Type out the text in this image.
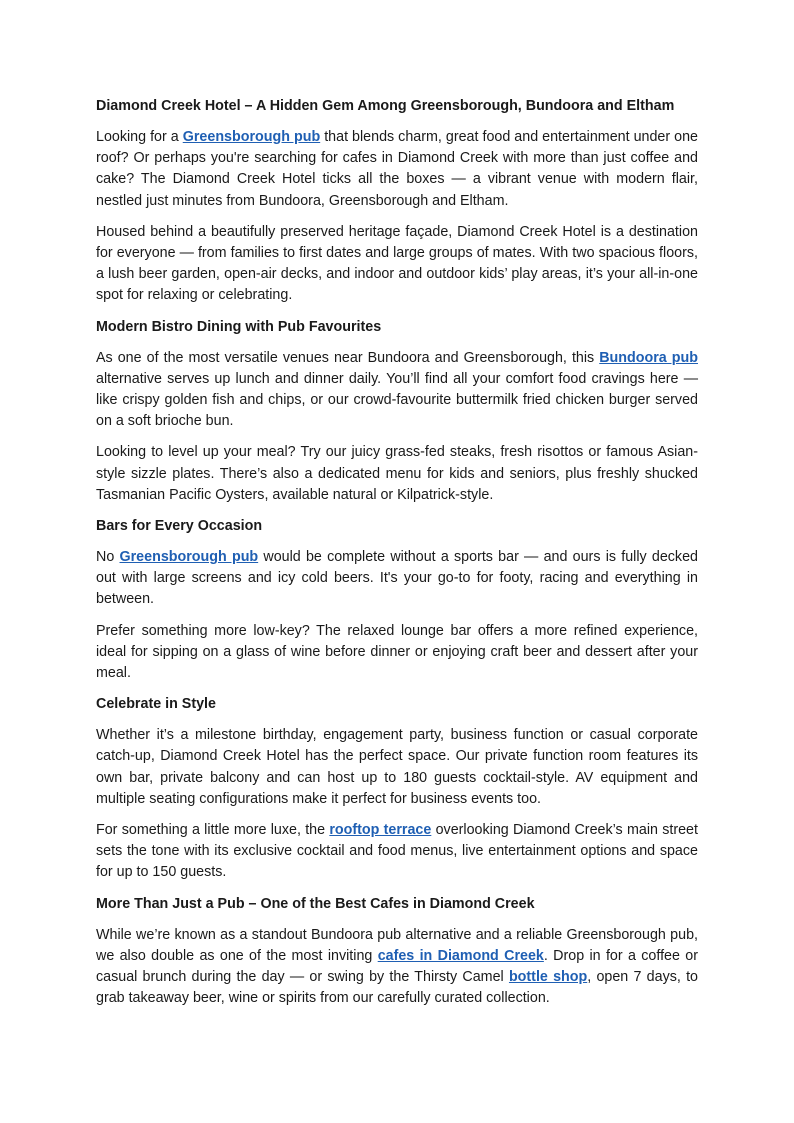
Diamond Creek Hotel – A Hidden Gem Among Greensborough, Bundoora and Eltham

Looking for a Greensborough pub that blends charm, great food and entertainment under one roof? Or perhaps you're searching for cafes in Diamond Creek with more than just coffee and cake? The Diamond Creek Hotel ticks all the boxes — a vibrant venue with modern flair, nestled just minutes from Bundoora, Greensborough and Eltham.

Housed behind a beautifully preserved heritage façade, Diamond Creek Hotel is a destination for everyone — from families to first dates and large groups of mates. With two spacious floors, a lush beer garden, open-air decks, and indoor and outdoor kids’ play areas, it’s your all-in-one spot for relaxing or celebrating.

Modern Bistro Dining with Pub Favourites

As one of the most versatile venues near Bundoora and Greensborough, this Bundoora pub alternative serves up lunch and dinner daily. You’ll find all your comfort food cravings here — like crispy golden fish and chips, or our crowd-favourite buttermilk fried chicken burger served on a soft brioche bun.

Looking to level up your meal? Try our juicy grass-fed steaks, fresh risottos or famous Asian-style sizzle plates. There’s also a dedicated menu for kids and seniors, plus freshly shucked Tasmanian Pacific Oysters, available natural or Kilpatrick-style.

Bars for Every Occasion

No Greensborough pub would be complete without a sports bar — and ours is fully decked out with large screens and icy cold beers. It's your go-to for footy, racing and everything in between.

Prefer something more low-key? The relaxed lounge bar offers a more refined experience, ideal for sipping on a glass of wine before dinner or enjoying craft beer and dessert after your meal.

Celebrate in Style

Whether it’s a milestone birthday, engagement party, business function or casual corporate catch-up, Diamond Creek Hotel has the perfect space. Our private function room features its own bar, private balcony and can host up to 180 guests cocktail-style. AV equipment and multiple seating configurations make it perfect for business events too.

For something a little more luxe, the rooftop terrace overlooking Diamond Creek’s main street sets the tone with its exclusive cocktail and food menus, live entertainment options and space for up to 150 guests.

More Than Just a Pub – One of the Best Cafes in Diamond Creek

While we’re known as a standout Bundoora pub alternative and a reliable Greensborough pub, we also double as one of the most inviting cafes in Diamond Creek. Drop in for a coffee or casual brunch during the day — or swing by the Thirsty Camel bottle shop, open 7 days, to grab takeaway beer, wine or spirits from our carefully curated collection.
